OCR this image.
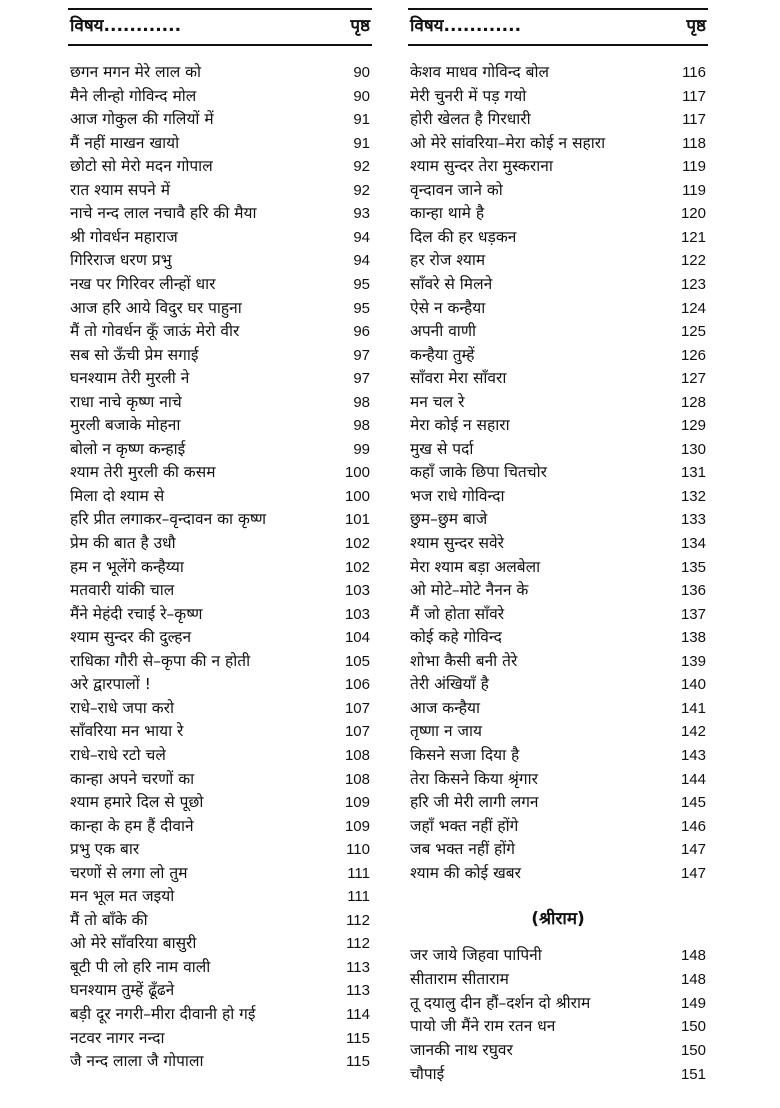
विषय............	पृष्ठ
छगन मगन मेरे लाल को	90
मैने लीन्हो गोविन्द मोल	90
आज गोकुल की गलियों में	91
मैं नहीं माखन खायो	91
छोटो सो मेरो मदन गोपाल	92
रात श्याम सपने में	92
नाचे नन्द लाल नचावै हरि की मैया	93
श्री गोवर्धन महाराज	94
गिरिराज धरण प्रभु	94
नख पर गिरिवर लीन्हों धार	95
आज हरि आये विदुर घर पाहुना	95
मैं तो गोवर्धन कूँ जाऊं मेरो वीर	96
सब सो ऊँची प्रेम सगाई	97
घनश्याम तेरी मुरली ने	97
राधा नाचे कृष्ण नाचे	98
मुरली बजाके मोहना	98
बोलो न कृष्ण कन्हाई	99
श्याम तेरी मुरली की कसम	100
मिला दो श्याम से	100
हरि प्रीत लगाकर–वृन्दावन का कृष्ण	101
प्रेम की बात है उधौ	102
हम न भूलेंगे कन्हैय्या	102
मतवारी यांकी चाल	103
मैंने मेहंदी रचाई रे–कृष्ण	103
श्याम सुन्दर की दुल्हन	104
राधिका गौरी से–कृपा की न होती	105
अरे द्वारपालों !	106
राधे–राधे जपा करो	107
साँवरिया मन भाया रे	107
राधे–राधे रटो चले	108
कान्हा अपने चरणों का	108
श्याम हमारे दिल से पूछो	109
कान्हा के हम हैं दीवाने	109
प्रभु एक बार	110
चरणों से लगा लो तुम	111
मन भूल मत जइयो	111
मैं तो बाँके की	112
ओ मेरे साँवरिया बासुरी	112
बूटी पी लो हरि नाम वाली	113
घनश्याम तुम्हें ढूँढने	113
बड़ी दूर नगरी–मीरा दीवानी हो गई	114
नटवर नागर नन्दा	115
जै नन्द लाला जै गोपाला	115
विषय............	पृष्ठ
केशव माधव गोविन्द बोल	116
मेरी चुनरी में पड़ गयो	117
होरी खेलत है गिरधारी	117
ओ मेरे सांवरिया–मेरा कोई न सहारा	118
श्याम सुन्दर तेरा मुस्कराना	119
वृन्दावन जाने को	119
कान्हा थामे है	120
दिल की हर धड़कन	121
हर रोज श्याम	122
साँवरे से मिलने	123
ऐसे न कन्हैया	124
अपनी वाणी	125
कन्हैया तुम्हें	126
साँवरा मेरा साँवरा	127
मन चल रे	128
मेरा कोई न सहारा	129
मुख से पर्दा	130
कहाँ जाके छिपा चितचोर	131
भज राधे गोविन्दा	132
छुम–छुम बाजे	133
श्याम सुन्दर सवेरे	134
मेरा श्याम बड़ा अलबेला	135
ओ मोटे–मोटे नैनन के	136
मैं जो होता साँवरे	137
कोई कहे गोविन्द	138
शोभा कैसी बनी तेरे	139
तेरी अंखियाँ है	140
आज कन्हैया	141
तृष्णा न जाय	142
किसने सजा दिया है	143
तेरा किसने किया श्रृंगार	144
हरि जी मेरी लागी लगन	145
जहाँ भक्त नहीं होंगे	146
जब भक्त नहीं होंगे	147
श्याम की कोई खबर	147
(श्रीराम)
जर जाये जिहवा पापिनी	148
सीताराम सीताराम	148
तू दयालु दीन हौं–दर्शन दो श्रीराम	149
पायो जी मैंने राम रतन धन	150
जानकी नाथ रघुवर	150
चौपाई	151
